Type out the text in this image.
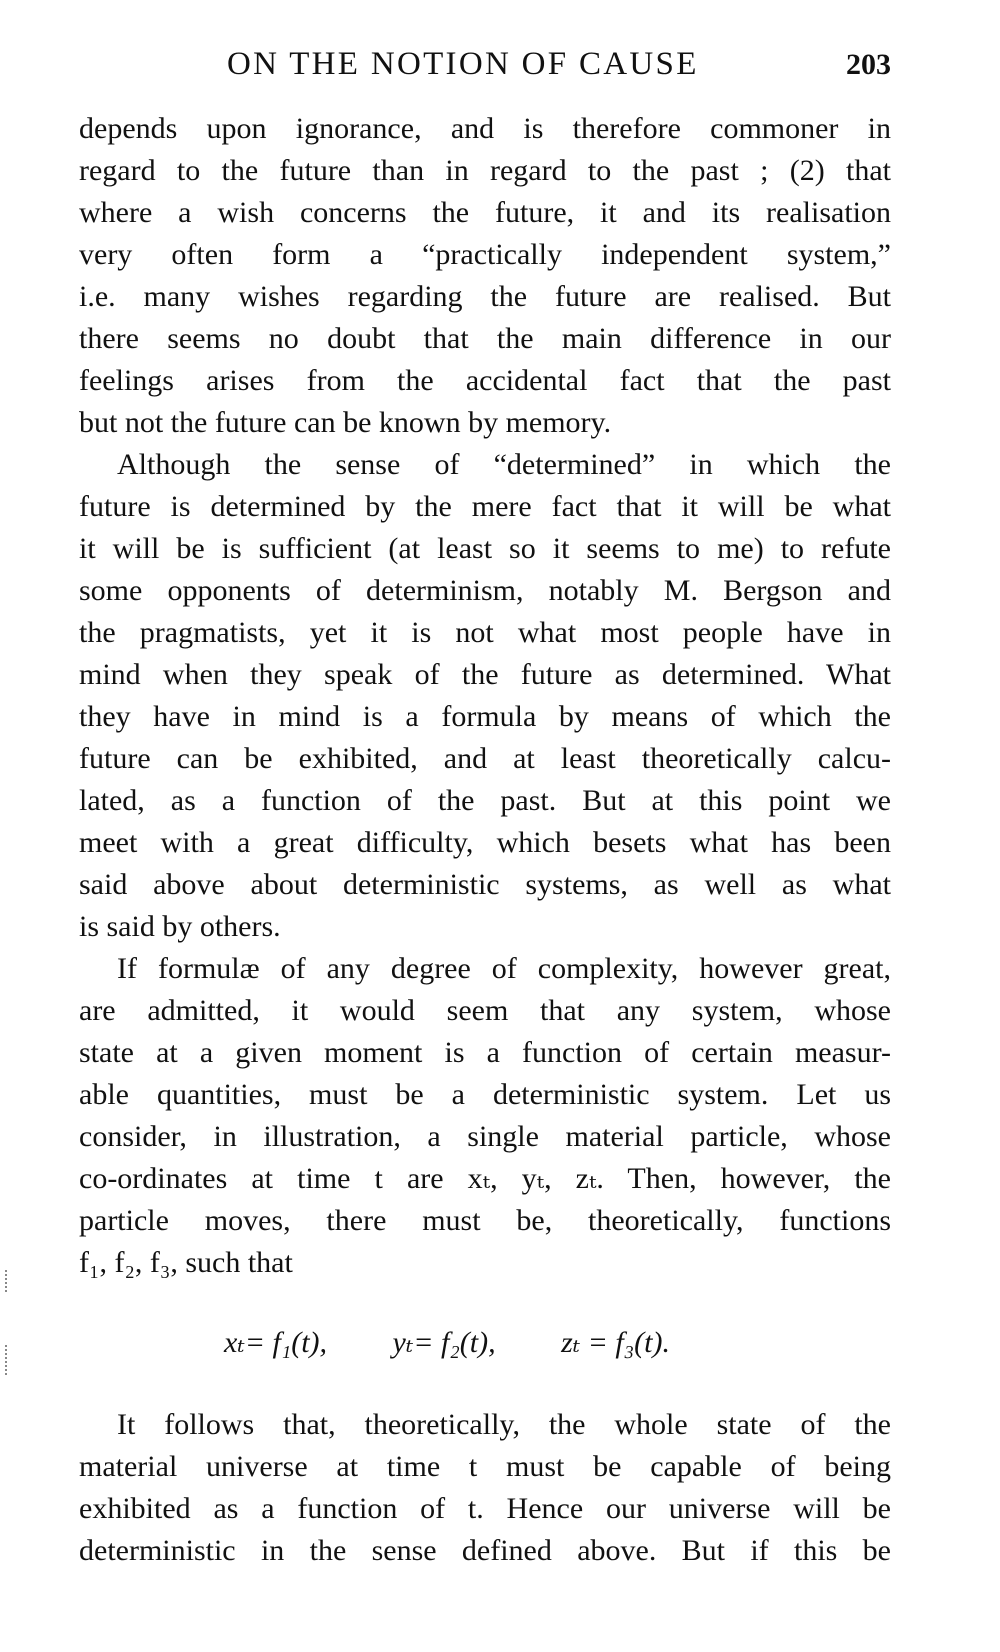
ON THE NOTION OF CAUSE	203
depends upon ignorance, and is therefore commoner in
regard to the future than in regard to the past ; (2) that
where a wish concerns the future, it and its realisation
very often form a “practically independent system,”
i.e. many wishes regarding the future are realised. But
there seems no doubt that the main difference in our
feelings arises from the accidental fact that the past
but not the future can be known by memory.
Although the sense of “determined” in which the
future is determined by the mere fact that it will be what
it will be is sufficient (at least so it seems to me) to refute
some opponents of determinism, notably M. Bergson and
the pragmatists, yet it is not what most people have in
mind when they speak of the future as determined. What
they have in mind is a formula by means of which the
future can be exhibited, and at least theoretically calcu-
lated, as a function of the past. But at this point we
meet with a great difficulty, which besets what has been
said above about deterministic systems, as well as what
is said by others.
If formulæ of any degree of complexity, however great,
are admitted, it would seem that any system, whose
state at a given moment is a function of certain measur-
able quantities, must be a deterministic system. Let us
consider, in illustration, a single material particle, whose
co-ordinates at time t are xₜ, yₜ, zₜ. Then, however, the
particle moves, there must be, theoretically, functions
f₁, f₂, f₃, such that
xₜ= f₁(t), yₜ= f₂(t), zₜ = f₃(t).
It follows that, theoretically, the whole state of the
material universe at time t must be capable of being
exhibited as a function of t. Hence our universe will be
deterministic in the sense defined above. But if this be
